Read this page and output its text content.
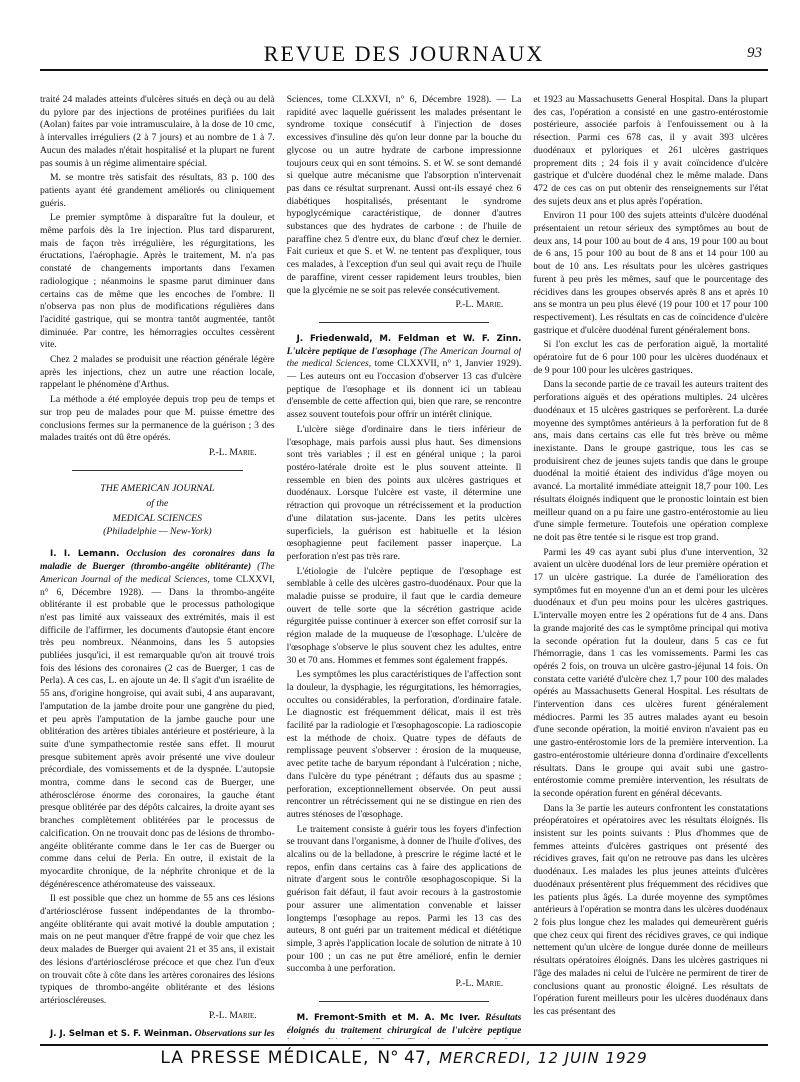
REVUE DES JOURNAUX	93

traité 24 malades atteints d'ulcères situés en deçà ou au delà du pylore par des injections de protéines purifiées du lait (Aolan) faites par voie intramusculaire, à la dose de 10 cmc, à intervalles irréguliers (2 à 7 jours) et au nombre de 1 à 7. Aucun des malades n'était hospitalisé et la plupart ne furent pas soumis à un régime alimentaire spécial.

M. se montre très satisfait des résultats, 83 p. 100 des patients ayant été grandement améliorés ou cliniquement guéris.

Le premier symptôme à disparaître fut la douleur, et même parfois dès la 1re injection. Plus tard disparurent, mais de façon très irrégulière, les régurgitations, les éructations, l'aérophagie. Après le traitement, M. n'a pas constaté de changements importants dans l'examen radiologique ; néanmoins le spasme parut diminuer dans certains cas de même que les encoches de l'ombre. Il n'observa pas non plus de modifications régulières dans l'acidité gastrique, qui se montra tantôt augmentée, tantôt diminuée. Par contre, les hémorragies occultes cessèrent vite.

Chez 2 malades se produisit une réaction générale légère après les injections, chez un autre une réaction locale, rappelant le phénomène d'Arthus.

La méthode a été employée depuis trop peu de temps et sur trop peu de malades pour que M. puisse émettre des conclusions fermes sur la permanence de la guérison ; 3 des malades traités ont dû être opérés.

P.-L. Marie.
THE AMERICAN JOURNAL
of the
MEDICAL SCIENCES
(Philadelphie — New-York)

I. I. Lemann. Occlusion des coronaires dans la maladie de Buerger (thrombo-angéite oblitérante) (The American Journal of the medical Sciences, tome CLXXVI, n° 6, Décembre 1928). — Dans la thrombo-angéite oblitérante il est probable que le processus pathologique n'est pas limité aux vaisseaux des extrémités, mais il est difficile de l'affirmer, les documents d'autopsie étant encore très peu nombreux. Néanmoins, dans les 5 autopsies publiées jusqu'ici, il est remarquable qu'on ait trouvé trois fois des lésions des coronaires (2 cas de Buerger, 1 cas de Perla). A ces cas, L. en ajoute un 4e. Il s'agit d'un israélite de 55 ans, d'origine hongroise, qui avait subi, 4 ans auparavant, l'amputation de la jambe droite pour une gangrène du pied, et peu après l'amputation de la jambe gauche pour une oblitération des artères tibiales antérieure et postérieure, à la suite d'une sympathectomie restée sans effet. Il mourut presque subitement après avoir présenté une vive douleur précordiale, des vomissements et de la dyspnée. L'autopsie montra, comme dans le second cas de Buerger, une athérosclérose énorme des coronaires, la gauche étant presque oblitérée par des dépôts calcaires, la droite ayant ses branches complètement oblitérées par le processus de calcification. On ne trouvait donc pas de lésions de thrombo-angéite oblitérante comme dans le 1er cas de Buerger ou comme dans celui de Perla. En outre, il existait de la myocardite chronique, de la néphrite chronique et de la dégénérescence athéromateuse des vaisseaux.

Il est possible que chez un homme de 55 ans ces lésions d'artériosclérose fussent indépendantes de la thrombo-angéite oblitérante qui avait motivé la double amputation ; mais on ne peut manquer d'être frappé de voir que chez les deux malades de Buerger qui avaient 21 et 35 ans, il existait des lésions d'artériosclérose précoce et que chez l'un d'eux on trouvait côte à côte dans les artères coronaires des lésions typiques de thrombo-angéite oblitérante et des lésions artérioscléreuses.

P.-L. Marie.

J. J. Selman et S. F. Weinman. Observations sur les

Sciences, tome CLXXVI, n° 6, Décembre 1928). — La rapidité avec laquelle guérissent les malades présentant le syndrome toxique consécutif à l'injection de doses excessives d'insuline dès qu'on leur donne par la bouche du glycose ou un autre hydrate de carbone impressionne toujours ceux qui en sont témoins. S. et W. se sont demandé si quelque autre mécanisme que l'absorption n'intervenait pas dans ce résultat surprenant. Aussi ont-ils essayé chez 6 diabétiques hospitalisés, présentant le syndrome hypoglycémique caractéristique, de donner d'autres substances que des hydrates de carbone : de l'huile de paraffine chez 5 d'entre eux, du blanc d'œuf chez le dernier. Fait curieux et que S. et W. ne tentent pas d'expliquer, tous ces malades, à l'exception d'un seul qui avait reçu de l'huile de paraffine, virent cesser rapidement leurs troubles, bien que la glycémie ne se soit pas relevée consécutivement.

P.-L. Marie.

J. Friedenwald, M. Feldman et W. F. Zinn. L'ulcère peptique de l'œsophage (The American Journal of the medical Sciences, tome CLXXVII, n° 1, Janvier 1929). — Les auteurs ont eu l'occasion d'observer 13 cas d'ulcère peptique de l'œsophage et ils donnent ici un tableau d'ensemble de cette affection qui, bien que rare, se rencontre assez souvent toutefois pour offrir un intérêt clinique.

L'ulcère siège d'ordinaire dans le tiers inférieur de l'œsophage, mais parfois aussi plus haut. Ses dimensions sont très variables ; il est en général unique ; la paroi postéro-latérale droite est le plus souvent atteinte. Il ressemble en bien des points aux ulcères gastriques et duodénaux. Lorsque l'ulcère est vaste, il détermine une rétraction qui provoque un rétrécissement et la production d'une dilatation sus-jacente. Dans les petits ulcères superficiels, la guérison est habituelle et la lésion œsophagienne peut facilement passer inaperçue. La perforation n'est pas très rare.

L'étiologie de l'ulcère peptique de l'œsophage est semblable à celle des ulcères gastro-duodénaux. Pour que la maladie puisse se produire, il faut que le cardia demeure ouvert de telle sorte que la sécrétion gastrique acide régurgitée puisse continuer à exercer son effet corrosif sur la région malade de la muqueuse de l'œsophage. L'ulcère de l'œsophage s'observe le plus souvent chez les adultes, entre 30 et 70 ans. Hommes et femmes sont également frappés.

Les symptômes les plus caractéristiques de l'affection sont la douleur, la dysphagie, les régurgitations, les hémorragies, occultes ou considérables, la perforation, d'ordinaire fatale. Le diagnostic est fréquemment délicat, mais il est très facilité par la radiologie et l'œsophagoscopie. La radioscopie est la méthode de choix. Quatre types de défauts de remplissage peuvent s'observer : érosion de la muqueuse, avec petite tache de baryum répondant à l'ulcération ; niche, dans l'ulcère du type pénétrant ; défauts dus au spasme ; perforation, exceptionnellement observée. On peut aussi rencontrer un rétrécissement qui ne se distingue en rien des autres sténoses de l'œsophage.

Le traitement consiste à guérir tous les foyers d'infection se trouvant dans l'organisme, à donner de l'huile d'olives, des alcalins ou de la belladone, à prescrire le régime lacté et le repos, enfin dans certains cas à faire des applications de nitrate d'argent sous le contrôle œsophagoscopique. Si la guérison fait défaut, il faut avoir recours à la gastrostomie pour assurer une alimentation convenable et laisser longtemps l'œsophage au repos. Parmi les 13 cas des auteurs, 8 ont guéri par un traitement médical et diététique simple, 3 après l'application locale de solution de nitrate à 10 pour 100 ; un cas ne put être amélioré, enfin le dernier succomba à une perforation.

P.-L. Marie.

M. Fremont-Smith et M. A. Mc Iver. Résultats éloignés du traitement chirurgical de l'ulcère peptique

et 1923 au Massachusetts General Hospital. Dans la plupart des cas, l'opération a consisté en une gastro-entérostomie postérieure, associée parfois à l'enfouissement ou à la résection. Parmi ces 678 cas, il y avait 393 ulcères duodénaux et pyloriques et 261 ulcères gastriques proprement dits ; 24 fois il y avait coïncidence d'ulcère gastrique et d'ulcère duodénal chez le même malade. Dans 472 de ces cas on put obtenir des renseignements sur l'état des sujets deux ans et plus après l'opération.

Environ 11 pour 100 des sujets atteints d'ulcère duodénal présentaient un retour sérieux des symptômes au bout de deux ans, 14 pour 100 au bout de 4 ans, 19 pour 100 au bout de 6 ans, 15 pour 100 au bout de 8 ans et 14 pour 100 au bout de 10 ans. Les résultats pour les ulcères gastriques furent à peu près les mêmes, sauf que le pourcentage des récidives dans les groupes observés après 8 ans et après 10 ans se montra un peu plus élevé (19 pour 100 et 17 pour 100 respectivement). Les résultats en cas de coïncidence d'ulcère gastrique et d'ulcère duodénal furent généralement bons.

Si l'on exclut les cas de perforation aiguë, la mortalité opératoire fut de 6 pour 100 pour les ulcères duodénaux et de 9 pour 100 pour les ulcères gastriques.

Dans la seconde partie de ce travail les auteurs traitent des perforations aiguës et des opérations multiples. 24 ulcères duodénaux et 15 ulcères gastriques se perforèrent. La durée moyenne des symptômes antérieurs à la perforation fut de 8 ans, mais dans certains cas elle fut très brève ou même inexistante. Dans le groupe gastrique, tous les cas se produisirent chez de jeunes sujets tandis que dans le groupe duodénal la moitié étaient des individus d'âge moyen ou avancé. La mortalité immédiate atteignit 18,7 pour 100. Les résultats éloignés indiquent que le pronostic lointain est bien meilleur quand on a pu faire une gastro-entérostomie au lieu d'une simple fermeture. Toutefois une opération complexe ne doit pas être tentée si le risque est trop grand.

Parmi les 49 cas ayant subi plus d'une intervention, 32 avaient un ulcère duodénal lors de leur première opération et 17 un ulcère gastrique. La durée de l'amélioration des symptômes fut en moyenne d'un an et demi pour les ulcères duodénaux et d'un peu moins pour les ulcères gastriques. L'intervalle moyen entre les 2 opérations fut de 4 ans. Dans la grande majorité des cas le symptôme principal qui motiva la seconde opération fut la douleur, dans 5 cas ce fut l'hémorragie, dans 1 cas les vomissements. Parmi les cas opérés 2 fois, on trouva un ulcère gastro-jéjunal 14 fois. On constata cette variété d'ulcère chez 1,7 pour 100 des malades opérés au Massachusetts General Hospital. Les résultats de l'intervention dans ces ulcères furent généralement médiocres. Parmi les 35 autres malades ayant eu besoin d'une seconde opération, la moitié environ n'avaient pas eu une gastro-entérostomie lors de la première intervention. La gastro-entérostomie ultérieure donna d'ordinaire d'excellents résultats. Dans le groupe qui avait subi une gastro-entérostomie comme première intervention, les résultats de la seconde opération furent en général décevants.

Dans la 3e partie les auteurs confrontent les constatations préopératoires et opératoires avec les résultats éloignés. Ils insistent sur les points suivants : Plus d'hommes que de femmes atteints d'ulcères gastriques ont présenté des récidives graves, fait qu'on ne retrouve pas dans les ulcères duodénaux. Les malades les plus jeunes atteints d'ulcères duodénaux présentèrent plus fréquemment des récidives que les patients plus âgés. La durée moyenne des symptômes antérieurs à l'opération se montra dans les ulcères duodénaux 2 fois plus longue chez les malades qui demeurèrent guéris que chez ceux qui firent des récidives graves, ce qui indique nettement qu'un ulcère de longue durée donne de meilleurs résultats opératoires éloignés. Dans les ulcères gastriques ni l'âge des malades ni celui de l'ulcère ne permirent de tirer de conclusions quant au pronostic éloigné. Les résultats de l'opération furent meilleurs pour les ulcères duodénaux dans les cas présentant des

LA PRESSE MÉDICALE, N° 47, MERCREDI, 12 JUIN 1929
